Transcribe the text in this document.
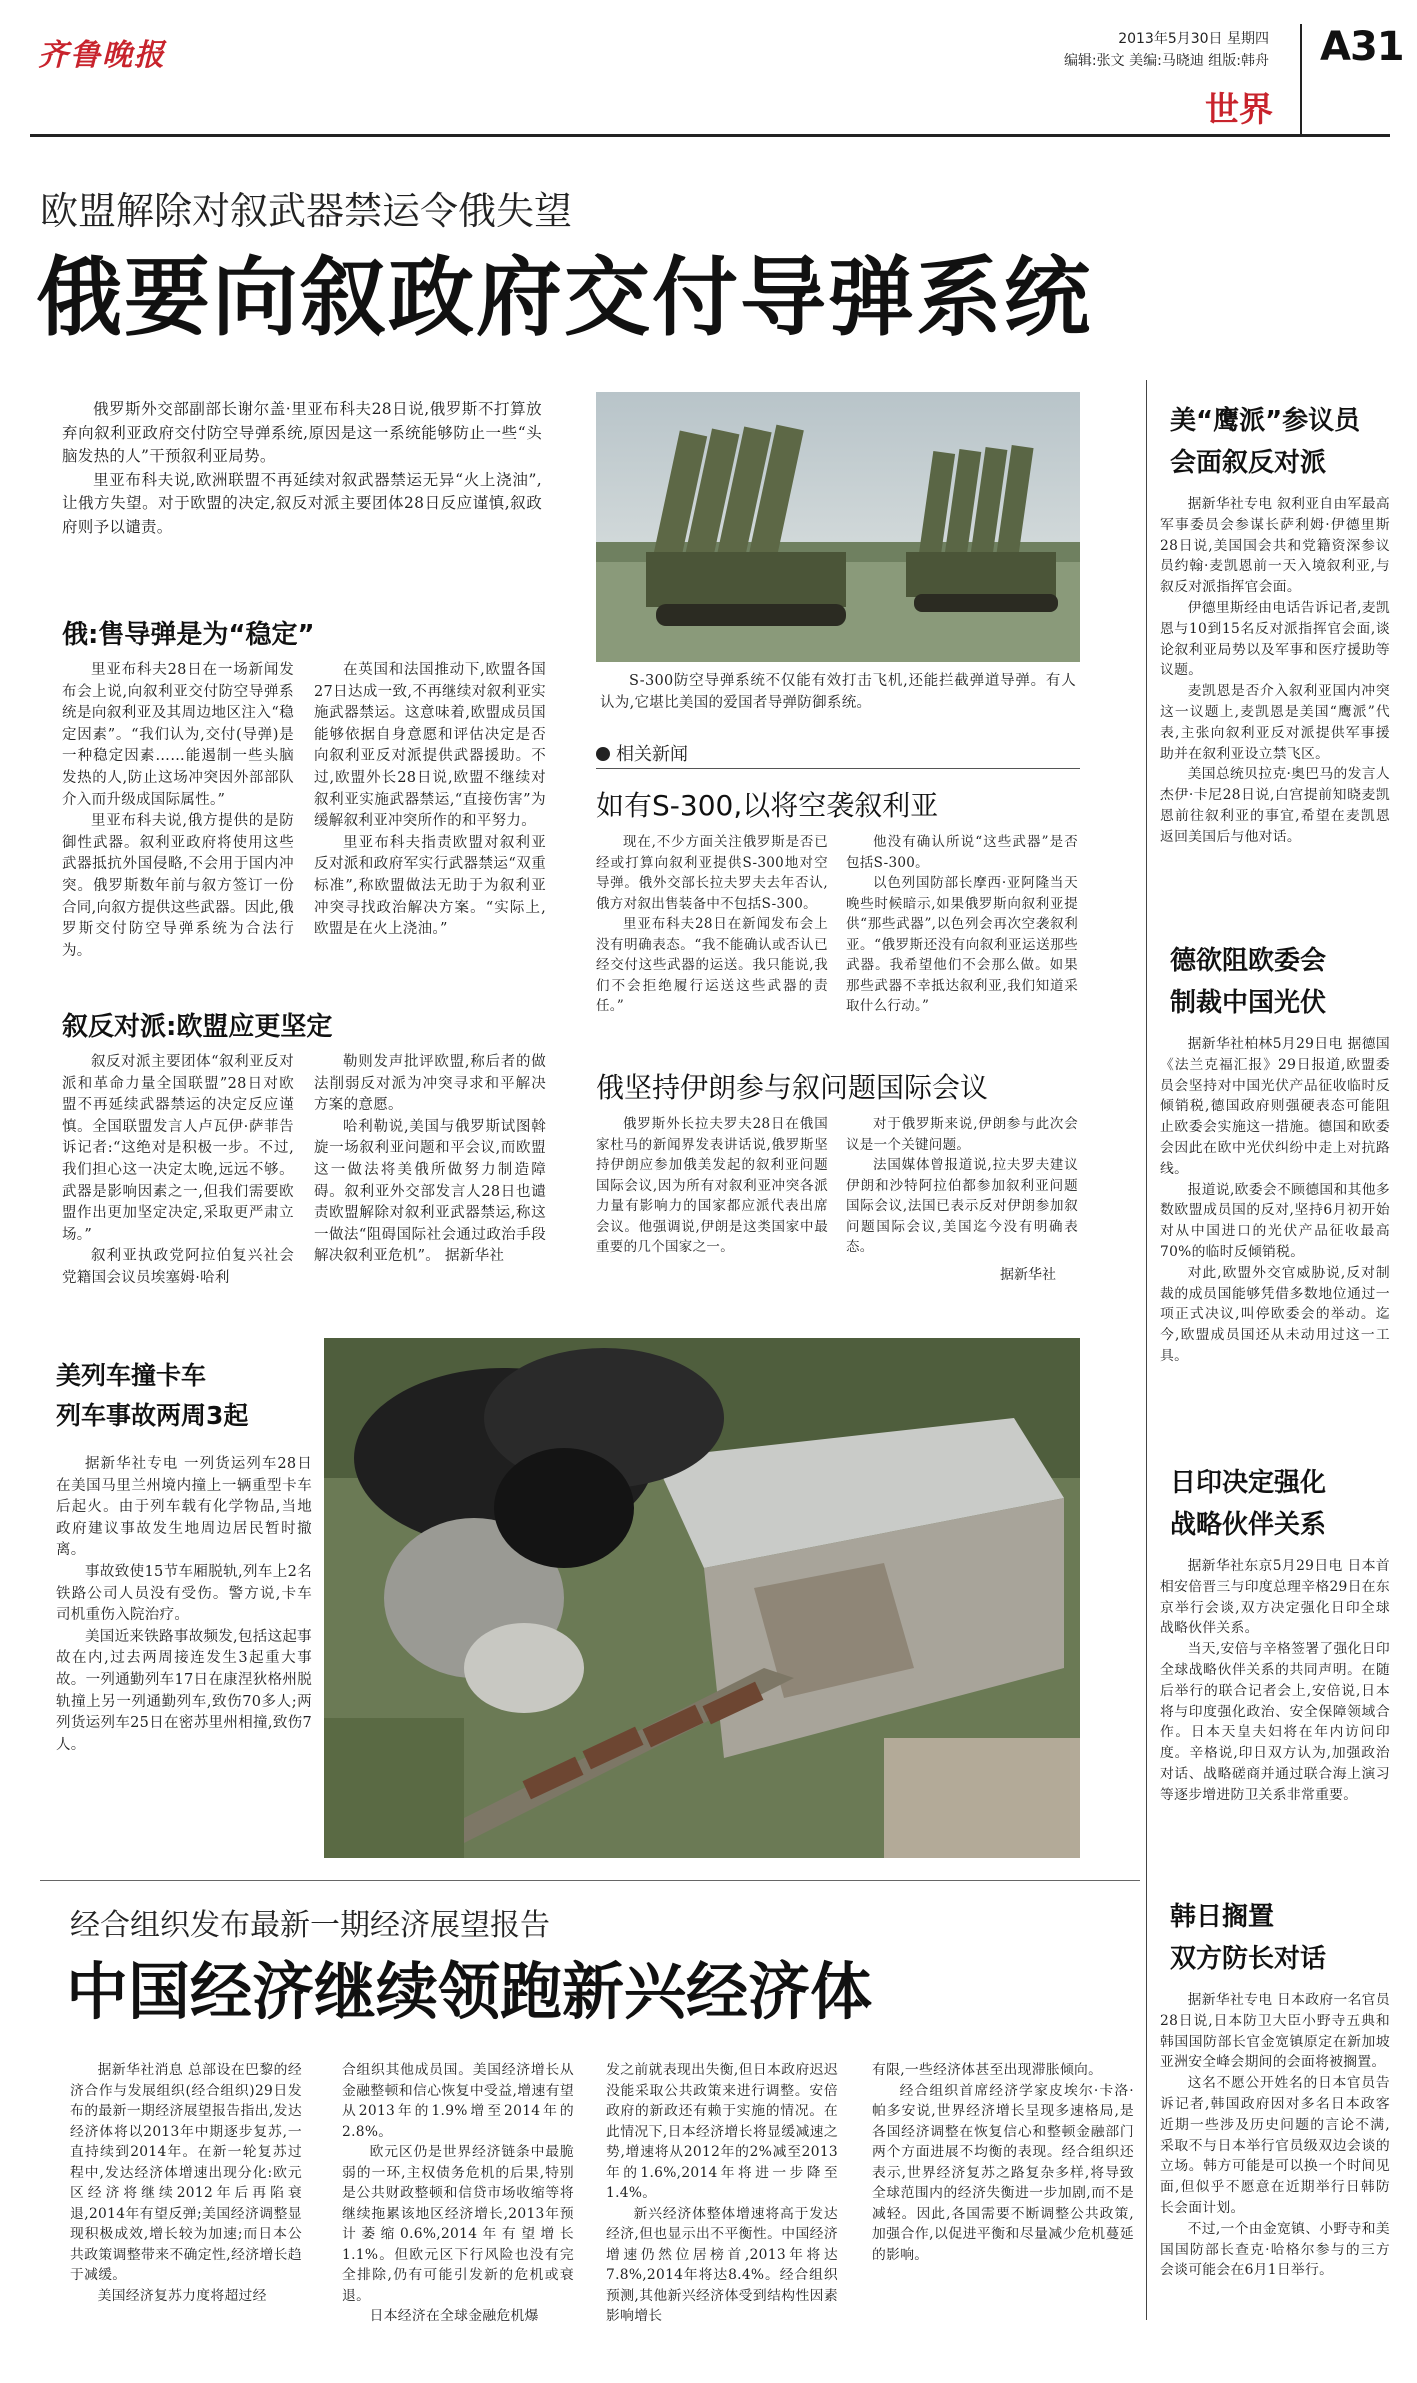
齐鲁晚报	2013年5月30日 星期四
编辑:张文 美编:马晓迪 组版:韩舟 A31
世界
欧盟解除对叙武器禁运令俄失望
俄要向叙政府交付导弹系统

俄罗斯外交部副部长谢尔盖·里亚布科夫28日说,俄罗斯不打算放弃向叙利亚政府交付防空导弹系统,原因是这一系统能够防止一些“头脑发热的人”干预叙利亚局势。

里亚布科夫说,欧洲联盟不再延续对叙武器禁运无异“火上浇油”,让俄方失望。对于欧盟的决定,叙反对派主要团体28日反应谨慎,叙政府则予以谴责。

俄:售导弹是为“稳定”

里亚布科夫28日在一场新闻发布会上说,向叙利亚交付防空导弹系统是向叙利亚及其周边地区注入“稳定因素”。“我们认为,交付(导弹)是一种稳定因素……能遏制一些头脑发热的人,防止这场冲突因外部部队介入而升级成国际属性。”

里亚布科夫说,俄方提供的是防御性武器。叙利亚政府将使用这些武器抵抗外国侵略,不会用于国内冲突。俄罗斯数年前与叙方签订一份合同,向叙方提供这些武器。因此,俄罗斯交付防空导弹系统为合法行为。

在英国和法国推动下,欧盟各国27日达成一致,不再继续对叙利亚实施武器禁运。这意味着,欧盟成员国能够依据自身意愿和评估决定是否向叙利亚反对派提供武器援助。不过,欧盟外长28日说,欧盟不继续对叙利亚实施武器禁运,“直接伤害”为缓解叙利亚冲突所作的和平努力。

里亚布科夫指责欧盟对叙利亚反对派和政府军实行武器禁运“双重标准”,称欧盟做法无助于为叙利亚冲突寻找政治解决方案。“实际上,欧盟是在火上浇油。”

叙反对派:欧盟应更坚定

叙反对派主要团体“叙利亚反对派和革命力量全国联盟”28日对欧盟不再延续武器禁运的决定反应谨慎。全国联盟发言人卢瓦伊·萨菲告诉记者:“这绝对是积极一步。不过,我们担心这一决定太晚,远远不够。武器是影响因素之一,但我们需要欧盟作出更加坚定决定,采取更严肃立场。”

叙利亚执政党阿拉伯复兴社会党籍国会议员埃塞姆·哈利

勒则发声批评欧盟,称后者的做法削弱反对派为冲突寻求和平解决方案的意愿。

哈利勒说,美国与俄罗斯试图斡旋一场叙利亚问题和平会议,而欧盟这一做法将美俄所做努力制造障碍。叙利亚外交部发言人28日也谴责欧盟解除对叙利亚武器禁运,称这一做法“阻碍国际社会通过政治手段解决叙利亚危机”。 据新华社

S-300防空导弹系统不仅能有效打击飞机,还能拦截弹道导弹。有人认为,它堪比美国的爱国者导弹防御系统。

相关新闻
如有S-300,以将空袭叙利亚

现在,不少方面关注俄罗斯是否已经或打算向叙利亚提供S-300地对空导弹。俄外交部长拉夫罗夫去年否认,俄方对叙出售装备中不包括S-300。

里亚布科夫28日在新闻发布会上没有明确表态。“我不能确认或否认已经交付这些武器的运送。我只能说,我们不会拒绝履行运送这些武器的责任。”

他没有确认所说“这些武器”是否包括S-300。

以色列国防部长摩西·亚阿隆当天晚些时候暗示,如果俄罗斯向叙利亚提供“那些武器”,以色列会再次空袭叙利亚。“俄罗斯还没有向叙利亚运送那些武器。我希望他们不会那么做。如果那些武器不幸抵达叙利亚,我们知道采取什么行动。”

俄坚持伊朗参与叙问题国际会议

俄罗斯外长拉夫罗夫28日在俄国家杜马的新闻界发表讲话说,俄罗斯坚持伊朗应参加俄美发起的叙利亚问题国际会议,因为所有对叙利亚冲突各派力量有影响力的国家都应派代表出席会议。他强调说,伊朗是这类国家中最重要的几个国家之一。

对于俄罗斯来说,伊朗参与此次会议是一个关键问题。

法国媒体曾报道说,拉夫罗夫建议伊朗和沙特阿拉伯都参加叙利亚问题国际会议,法国已表示反对伊朗参加叙问题国际会议,美国迄今没有明确表态。

据新华社
美列车撞卡车
列车事故两周3起

据新华社专电 一列货运列车28日在美国马里兰州境内撞上一辆重型卡车后起火。由于列车载有化学物品,当地政府建议事故发生地周边居民暂时撤离。

事故致使15节车厢脱轨,列车上2名铁路公司人员没有受伤。警方说,卡车司机重伤入院治疗。

美国近来铁路事故频发,包括这起事故在内,过去两周接连发生3起重大事故。一列通勤列车17日在康涅狄格州脱轨撞上另一列通勤列车,致伤70多人;两列货运列车25日在密苏里州相撞,致伤7人。

美“鹰派”参议员
会面叙反对派

据新华社专电 叙利亚自由军最高军事委员会参谋长萨利姆·伊德里斯28日说,美国国会共和党籍资深参议员约翰·麦凯恩前一天入境叙利亚,与叙反对派指挥官会面。

伊德里斯经由电话告诉记者,麦凯恩与10到15名反对派指挥官会面,谈论叙利亚局势以及军事和医疗援助等议题。

麦凯恩是否介入叙利亚国内冲突这一议题上,麦凯恩是美国“鹰派”代表,主张向叙利亚反对派提供军事援助并在叙利亚设立禁飞区。

美国总统贝拉克·奥巴马的发言人杰伊·卡尼28日说,白宫提前知晓麦凯恩前往叙利亚的事宜,希望在麦凯恩返回美国后与他对话。

德欲阻欧委会
制裁中国光伏

据新华社柏林5月29日电 据德国《法兰克福汇报》29日报道,欧盟委员会坚持对中国光伏产品征收临时反倾销税,德国政府则强硬表态可能阻止欧委会实施这一措施。德国和欧委会因此在欧中光伏纠纷中走上对抗路线。

报道说,欧委会不顾德国和其他多数欧盟成员国的反对,坚持6月初开始对从中国进口的光伏产品征收最高70%的临时反倾销税。

对此,欧盟外交官威胁说,反对制裁的成员国能够凭借多数地位通过一项正式决议,叫停欧委会的举动。迄今,欧盟成员国还从未动用过这一工具。

日印决定强化
战略伙伴关系

据新华社东京5月29日电 日本首相安倍晋三与印度总理辛格29日在东京举行会谈,双方决定强化日印全球战略伙伴关系。

当天,安倍与辛格签署了强化日印全球战略伙伴关系的共同声明。在随后举行的联合记者会上,安倍说,日本将与印度强化政治、安全保障领域合作。日本天皇夫妇将在年内访问印度。辛格说,印日双方认为,加强政治对话、战略磋商并通过联合海上演习等逐步增进防卫关系非常重要。

韩日搁置
双方防长对话

据新华社专电 日本政府一名官员28日说,日本防卫大臣小野寺五典和韩国国防部长官金宽镇原定在新加坡亚洲安全峰会期间的会面将被搁置。

这名不愿公开姓名的日本官员告诉记者,韩国政府因对多名日本政客近期一些涉及历史问题的言论不满,采取不与日本举行官员级双边会谈的立场。韩方可能是可以换一个时间见面,但似乎不愿意在近期举行日韩防长会面计划。

不过,一个由金宽镇、小野寺和美国国防部长查克·哈格尔参与的三方会谈可能会在6月1日举行。

经合组织发布最新一期经济展望报告
中国经济继续领跑新兴经济体

据新华社消息 总部设在巴黎的经济合作与发展组织(经合组织)29日发布的最新一期经济展望报告指出,发达经济体将以2013年中期逐步复苏,一直持续到2014年。在新一轮复苏过程中,发达经济体增速出现分化:欧元区经济将继续2012年后再陷衰退,2014年有望反弹;美国经济调整显现积极成效,增长较为加速;而日本公共政策调整带来不确定性,经济增长趋于减缓。

美国经济复苏力度将超过经

合组织其他成员国。美国经济增长从金融整顿和信心恢复中受益,增速有望从2013年的1.9%增至2014年的2.8%。

欧元区仍是世界经济链条中最脆弱的一环,主权债务危机的后果,特别是公共财政整顿和信贷市场收缩等将继续拖累该地区经济增长,2013年预计萎缩0.6%,2014年有望增长1.1%。但欧元区下行风险也没有完全排除,仍有可能引发新的危机或衰退。

日本经济在全球金融危机爆

发之前就表现出失衡,但日本政府迟迟没能采取公共政策来进行调整。安倍政府的新政还有赖于实施的情况。在此情况下,日本经济增长将显缓减速之势,增速将从2012年的2%减至2013年的1.6%,2014年将进一步降至1.4%。

新兴经济体整体增速将高于发达经济,但也显示出不平衡性。中国经济增速仍然位居榜首,2013年将达7.8%,2014年将达8.4%。经合组织预测,其他新兴经济体受到结构性因素影响增长

有限,一些经济体甚至出现滞胀倾向。

经合组织首席经济学家皮埃尔·卡洛·帕多安说,世界经济增长呈现多速格局,是各国经济调整在恢复信心和整顿金融部门两个方面进展不均衡的表现。经合组织还表示,世界经济复苏之路复杂多样,将导致全球范围内的经济失衡进一步加剧,而不是减轻。因此,各国需要不断调整公共政策,加强合作,以促进平衡和尽量减少危机蔓延的影响。
